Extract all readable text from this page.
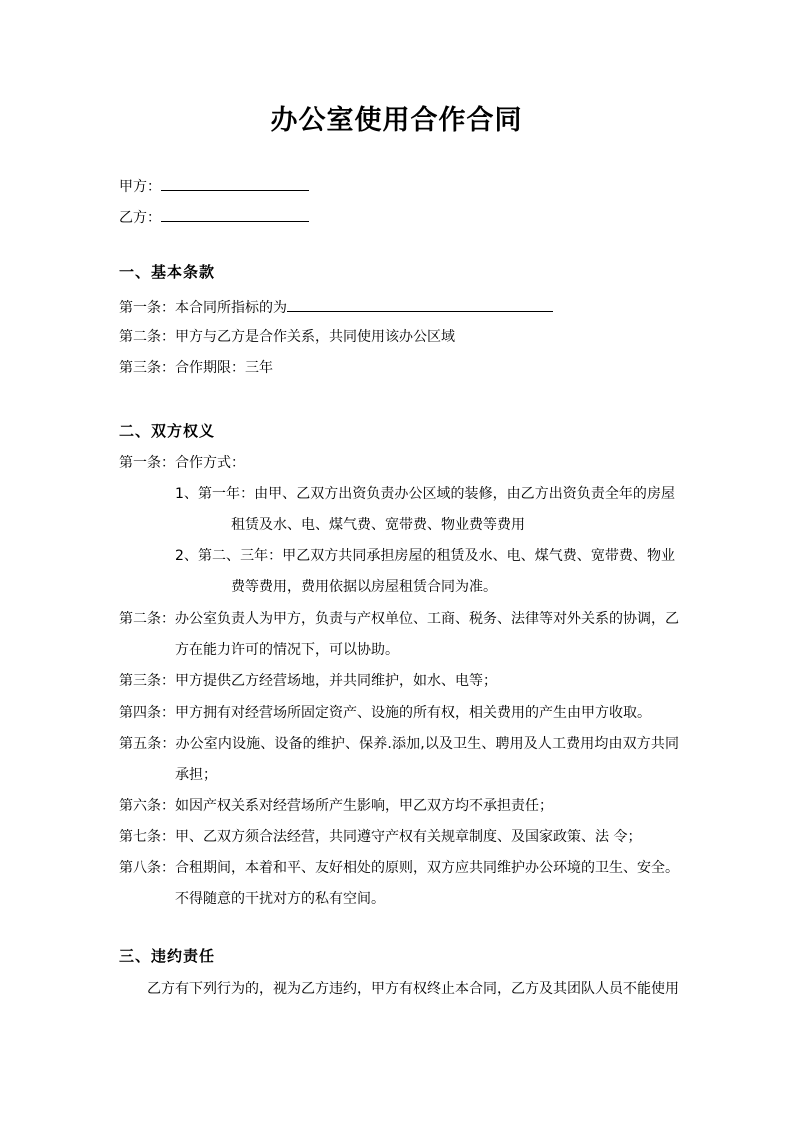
办公室使用合作合同
甲方：
乙方：
一、基本条款
第一条：本合同所指标的为
第二条：甲方与乙方是合作关系，共同使用该办公区域
第三条：合作期限：三年
二、双方权义
第一条：合作方式：
1、第一年：由甲、乙双方出资负责办公区域的装修，由乙方出资负责全年的房屋
租赁及水、电、煤气费、宽带费、物业费等费用
2、第二、三年：甲乙双方共同承担房屋的租赁及水、电、煤气费、宽带费、物业
费等费用，费用依据以房屋租赁合同为准。
第二条：办公室负责人为甲方，负责与产权单位、工商、税务、法律等对外关系的协调，乙
方在能力许可的情况下，可以协助。
第三条：甲方提供乙方经营场地，并共同维护，如水、电等；
第四条：甲方拥有对经营场所固定资产、设施的所有权，相关费用的产生由甲方收取。
第五条：办公室内设施、设备的维护、保养.添加,以及卫生、聘用及人工费用均由双方共同
承担；
第六条：如因产权关系对经营场所产生影响，甲乙双方均不承担责任；
第七条：甲、乙双方须合法经营，共同遵守产权有关规章制度、及国家政策、法 令；
第八条：合租期间，本着和平、友好相处的原则，双方应共同维护办公环境的卫生、安全。
不得随意的干扰对方的私有空间。
三、违约责任
乙方有下列行为的，视为乙方违约，甲方有权终止本合同，乙方及其团队人员不能使用
